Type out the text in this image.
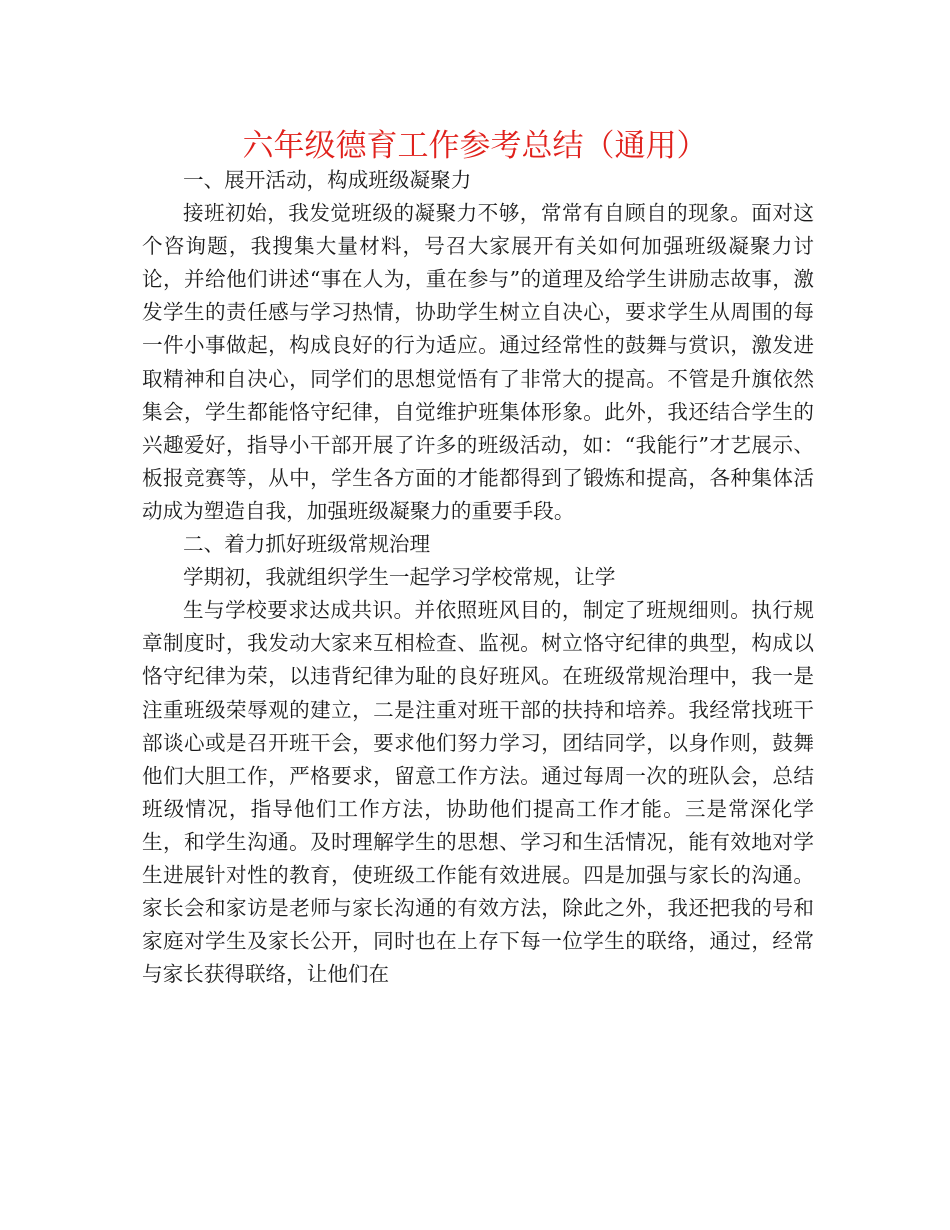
六年级德育工作参考总结（通用）

一、展开活动，构成班级凝聚力

接班初始，我发觉班级的凝聚力不够，常常有自顾自的现象。面对这个咨询题，我搜集大量材料，号召大家展开有关如何加强班级凝聚力讨论，并给他们讲述“事在人为，重在参与”的道理及给学生讲励志故事，激发学生的责任感与学习热情，协助学生树立自决心，要求学生从周围的每一件小事做起，构成良好的行为适应。通过经常性的鼓舞与赏识，激发进取精神和自决心，同学们的思想觉悟有了非常大的提高。不管是升旗依然集会，学生都能恪守纪律，自觉维护班集体形象。此外，我还结合学生的兴趣爱好，指导小干部开展了许多的班级活动，如：“我能行”才艺展示、板报竞赛等，从中，学生各方面的才能都得到了锻炼和提高，各种集体活动成为塑造自我，加强班级凝聚力的重要手段。

二、着力抓好班级常规治理

学期初，我就组织学生一起学习学校常规，让学

生与学校要求达成共识。并依照班风目的，制定了班规细则。执行规章制度时，我发动大家来互相检查、监视。树立恪守纪律的典型，构成以恪守纪律为荣，以违背纪律为耻的良好班风。在班级常规治理中，我一是注重班级荣辱观的建立，二是注重对班干部的扶持和培养。我经常找班干部谈心或是召开班干会，要求他们努力学习，团结同学，以身作则，鼓舞他们大胆工作，严格要求，留意工作方法。通过每周一次的班队会，总结班级情况，指导他们工作方法，协助他们提高工作才能。三是常深化学生，和学生沟通。及时理解学生的思想、学习和生活情况，能有效地对学生进展针对性的教育，使班级工作能有效进展。四是加强与家长的沟通。家长会和家访是老师与家长沟通的有效方法，除此之外，我还把我的号和家庭对学生及家长公开，同时也在上存下每一位学生的联络，通过，经常与家长获得联络，让他们在
